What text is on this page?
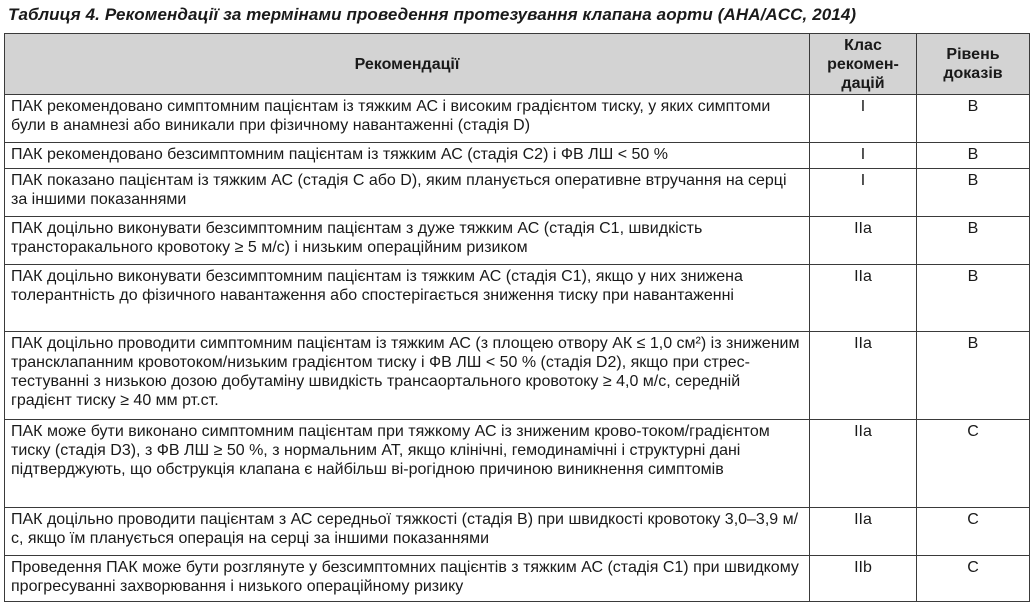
Таблиця 4. Рекомендації за термінами проведення протезування клапана аорти (AHA/ACC, 2014)
Рекомендації	Клас рекомен-дацій	Рівень доказів
ПАК рекомендовано симптомним пацієнтам із тяжким АС і високим градієнтом тиску, у яких симптоми були в анамнезі або виникали при фізичному навантаженні (стадія D)	I	B
ПАК рекомендовано безсимптомним пацієнтам із тяжким АС (стадія C2) і ФВ ЛШ < 50 %	I	B
ПАК показано пацієнтам із тяжким АС (стадія С або D), яким планується оперативне втручання на серці за іншими показаннями	I	B
ПАК доцільно виконувати безсимптомним пацієнтам з дуже тяжким АС (стадія C1, швидкість трансторакального кровотоку ≥ 5 м/с) і низьким операційним ризиком	IIa	B
ПАК доцільно виконувати безсимптомним пацієнтам із тяжким АС (стадія C1), якщо у них знижена толерантність до фізичного навантаження або спостерігається зниження тиску при навантаженні	IIa	B
ПАК доцільно проводити симптомним пацієнтам із тяжким АС (з площею отвору АК ≤ 1,0 см²) із зниженим трансклапанним кровотоком/низьким градієнтом тиску і ФВ ЛШ < 50 % (стадія D2), якщо при стрес-тестуванні з низькою дозою добутаміну швидкість трансаортального кровотоку ≥ 4,0 м/с, середній градієнт тиску ≥ 40 мм рт.ст.	IIa	B
ПАК може бути виконано симптомним пацієнтам при тяжкому АС із зниженим крово-током/градієнтом тиску (стадія D3), з ФВ ЛШ ≥ 50 %, з нормальним АТ, якщо клінічні, гемодинамічні і структурні дані підтверджують, що обструкція клапана є найбільш ві-рогідною причиною виникнення симптомів	IIa	C
ПАК доцільно проводити пацієнтам з АС середньої тяжкості (стадія В) при швидкості кровотоку 3,0–3,9 м/с, якщо їм планується операція на серці за іншими показаннями	IIa	C
Проведення ПАК може бути розглянуте у безсимптомних пацієнтів з тяжким АС (стадія C1) при швидкому прогресуванні захворювання і низького операційному ризику	IIb	C
